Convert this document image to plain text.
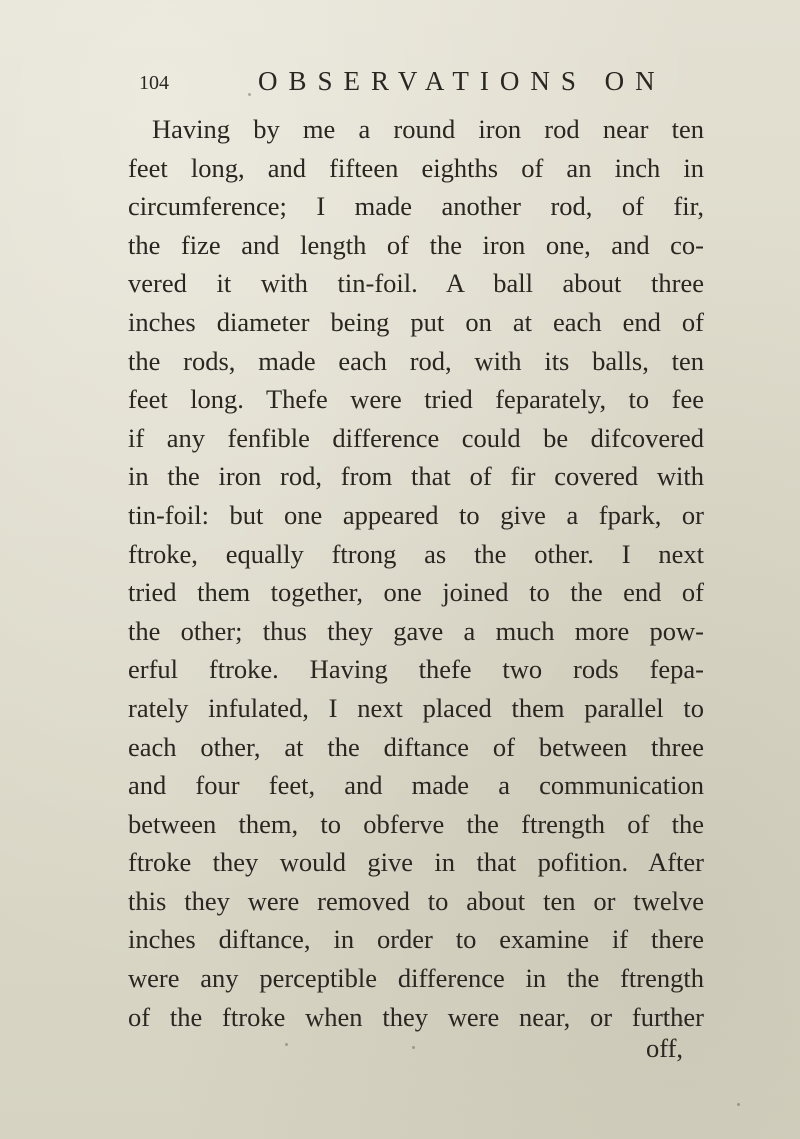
104	OBSERVATIONS ON
Having by me a round iron rod near ten
feet long, and fifteen eighths of an inch in
circumference; I made another rod, of fir,
the fize and length of the iron one, and co-
vered it with tin-foil. A ball about three
inches diameter being put on at each end of
the rods, made each rod, with its balls, ten
feet long. Thefe were tried feparately, to fee
if any fenfible difference could be difcovered
in the iron rod, from that of fir covered with
tin-foil: but one appeared to give a fpark, or
ftroke, equally ftrong as the other. I next
tried them together, one joined to the end of
the other; thus they gave a much more pow-
erful ftroke. Having thefe two rods fepa-
rately infulated, I next placed them parallel to
each other, at the diftance of between three
and four feet, and made a communication
between them, to obferve the ftrength of the
ftroke they would give in that pofition. After
this they were removed to about ten or twelve
inches diftance, in order to examine if there
were any perceptible difference in the ftrength
of the ftroke when they were near, or further
off,
